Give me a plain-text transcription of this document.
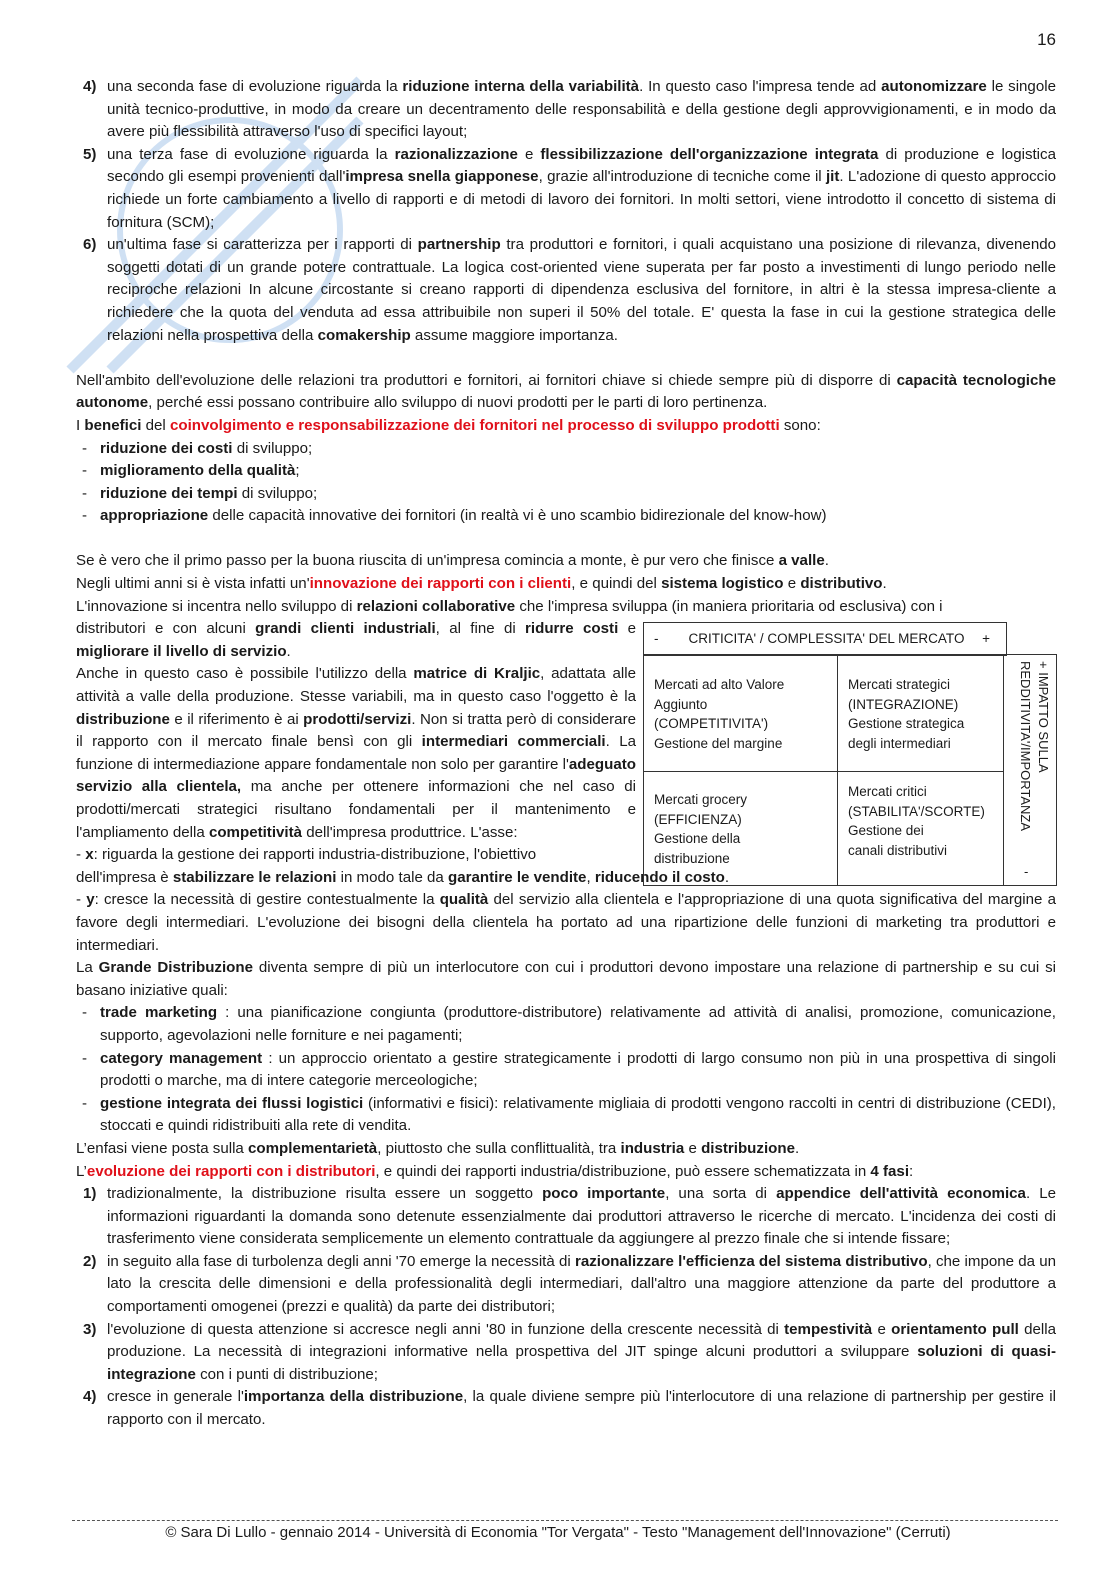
16
4) una seconda fase di evoluzione riguarda la riduzione interna della variabilità. In questo caso l'impresa tende ad autonomizzare le singole unità tecnico-produttive, in modo da creare un decentramento delle responsabilità e della gestione degli approvvigionamenti, e in modo da avere più flessibilità attraverso l'uso di specifici layout;
5) una terza fase di evoluzione riguarda la razionalizzazione e flessibilizzazione dell'organizzazione integrata di produzione e logistica secondo gli esempi provenienti dall'impresa snella giapponese, grazie all'introduzione di tecniche come il jit. L'adozione di questo approccio richiede un forte cambiamento a livello di rapporti e di metodi di lavoro dei fornitori. In molti settori, viene introdotto il concetto di sistema di fornitura (SCM);
6) un'ultima fase si caratterizza per i rapporti di partnership tra produttori e fornitori, i quali acquistano una posizione di rilevanza, divenendo soggetti dotati di un grande potere contrattuale. La logica cost-oriented viene superata per far posto a investimenti di lungo periodo nelle reciproche relazioni In alcune circostante si creano rapporti di dipendenza esclusiva del fornitore, in altri è la stessa impresa-cliente a richiedere che la quota del venduta ad essa attribuibile non superi il 50% del totale. E' questa la fase in cui la gestione strategica delle relazioni nella prospettiva della comakership assume maggiore importanza.

Nell'ambito dell'evoluzione delle relazioni tra produttori e fornitori, ai fornitori chiave si chiede sempre più di disporre di capacità tecnologiche autonome, perché essi possano contribuire allo sviluppo di nuovi prodotti per le parti di loro pertinenza.

I benefici del coinvolgimento e responsabilizzazione dei fornitori nel processo di sviluppo prodotti sono:

- riduzione dei costi di sviluppo;
- miglioramento della qualità;
- riduzione dei tempi di sviluppo;
- appropriazione delle capacità innovative dei fornitori (in realtà vi è uno scambio bidirezionale del know-how)

Se è vero che il primo passo per la buona riuscita di un'impresa comincia a monte, è pur vero che finisce a valle.

Negli ultimi anni si è vista infatti un'innovazione dei rapporti con i clienti, e quindi del sistema logistico e distributivo.

L'innovazione si incentra nello sviluppo di relazioni collaborative che l'impresa sviluppa (in maniera prioritaria od esclusiva) con i

distributori e con alcuni grandi clienti industriali, al fine di ridurre costi e migliorare il livello di servizio.
Anche in questo caso è possibile l'utilizzo della matrice di Kraljic, adattata alle attività a valle della produzione. Stesse variabili, ma in questo caso l'oggetto è la distribuzione e il riferimento è ai prodotti/servizi. Non si tratta però di considerare il rapporto con il mercato finale bensì con gli intermediari commerciali. La funzione di intermediazione appare fondamentale non solo per garantire l'adeguato servizio alla clientela, ma anche per ottenere informazioni che nel caso di prodotti/mercati strategici risultano fondamentali per il mantenimento e l'ampliamento della competitività dell'impresa produttrice. L'asse:
- x: riguarda la gestione dei rapporti industria-distribuzione, l'obiettivo

-	CRITICITA' / COMPLESSITA' DEL MERCATO +
Mercati ad alto Valore Aggiunto
(COMPETITIVITA')
Gestione del margine
Mercati strategici
(INTEGRAZIONE)
Gestione strategica degli intermediari
Mercati grocery
(EFFICIENZA)
Gestione della
distribuzione
Mercati critici
(STABILITA'/SCORTE)
Gestione dei
canali distributivi
+ IMPATTO SULLA REDDITIVITA'/IMPORTANZA
-

dell'impresa è stabilizzare le relazioni in modo tale da garantire le vendite, riducendo il costo.

- y: cresce la necessità di gestire contestualmente la qualità del servizio alla clientela e l'appropriazione di una quota significativa del margine a favore degli intermediari. L'evoluzione dei bisogni della clientela ha portato ad una ripartizione delle funzioni di marketing tra produttori e intermediari.

La Grande Distribuzione diventa sempre di più un interlocutore con cui i produttori devono impostare una relazione di partnership e su cui si basano iniziative quali:

- trade marketing : una pianificazione congiunta (produttore-distributore) relativamente ad attività di analisi, promozione, comunicazione, supporto, agevolazioni nelle forniture e nei pagamenti;
- category management : un approccio orientato a gestire strategicamente i prodotti di largo consumo non più in una prospettiva di singoli prodotti o marche, ma di intere categorie merceologiche;
- gestione integrata dei flussi logistici (informativi e fisici): relativamente migliaia di prodotti vengono raccolti in centri di distribuzione (CEDI), stoccati e quindi ridistribuiti alla rete di vendita.

L’enfasi viene posta sulla complementarietà, piuttosto che sulla conflittualità, tra industria e distribuzione.

L’evoluzione dei rapporti con i distributori, e quindi dei rapporti industria/distribuzione, può essere schematizzata in 4 fasi:

1) tradizionalmente, la distribuzione risulta essere un soggetto poco importante, una sorta di appendice dell'attività economica. Le informazioni riguardanti la domanda sono detenute essenzialmente dai produttori attraverso le ricerche di mercato. L'incidenza dei costi di trasferimento viene considerata semplicemente un elemento contrattuale da aggiungere al prezzo finale che si intende fissare;
2) in seguito alla fase di turbolenza degli anni '70 emerge la necessità di razionalizzare l'efficienza del sistema distributivo, che impone da un lato la crescita delle dimensioni e della professionalità degli intermediari, dall'altro una maggiore attenzione da parte del produttore a comportamenti omogenei (prezzi e qualità) da parte dei distributori;
3) l'evoluzione di questa attenzione si accresce negli anni '80 in funzione della crescente necessità di tempestività e orientamento pull della produzione. La necessità di integrazioni informative nella prospettiva del JIT spinge alcuni produttori a sviluppare soluzioni di quasi-integrazione con i punti di distribuzione;
4) cresce in generale l'importanza della distribuzione, la quale diviene sempre più l'interlocutore di una relazione di partnership per gestire il rapporto con il mercato.
© Sara Di Lullo - gennaio 2014 - Università di Economia "Tor Vergata" - Testo "Management dell'Innovazione" (Cerruti)
